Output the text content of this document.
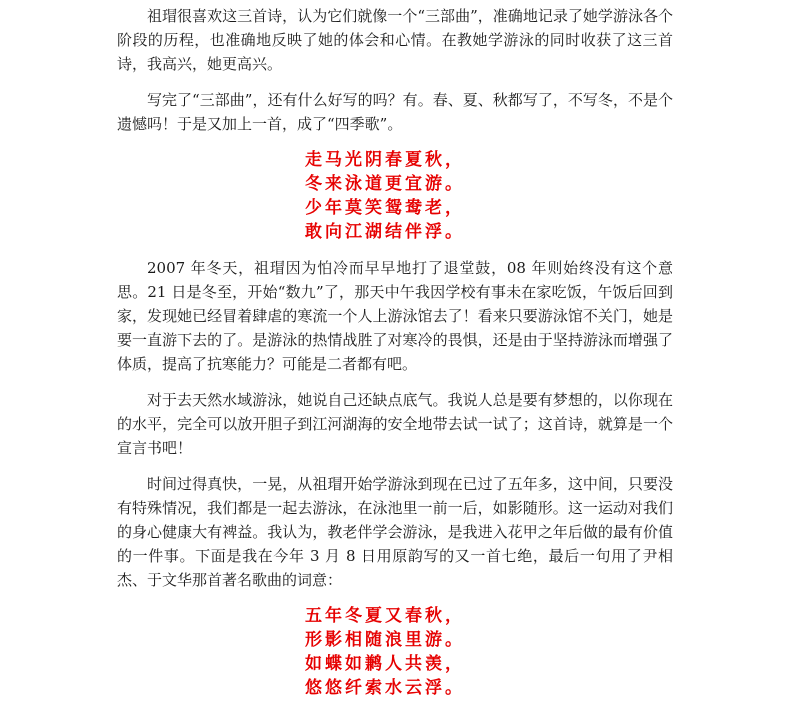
祖瑁很喜欢这三首诗，认为它们就像一个“三部曲”，准确地记录了她学游泳各个阶段的历程，也准确地反映了她的体会和心情。在教她学游泳的同时收获了这三首诗，我高兴，她更高兴。

写完了“三部曲”，还有什么好写的吗？有。春、夏、秋都写了，不写冬，不是个遗憾吗！于是又加上一首，成了“四季歌”。

走马光阴春夏秋，
冬来泳道更宜游。
少年莫笑鸳鸯老，
敢向江湖结伴浮。

2007 年冬天，祖瑁因为怕冷而早早地打了退堂鼓，08 年则始终没有这个意思。21 日是冬至，开始“数九”了，那天中午我因学校有事未在家吃饭，午饭后回到家，发现她已经冒着肆虐的寒流一个人上游泳馆去了！看来只要游泳馆不关门，她是要一直游下去的了。是游泳的热情战胜了对寒冷的畏惧，还是由于坚持游泳而增强了体质，提高了抗寒能力？可能是二者都有吧。

对于去天然水域游泳，她说自己还缺点底气。我说人总是要有梦想的，以你现在的水平，完全可以放开胆子到江河湖海的安全地带去试一试了；这首诗，就算是一个宣言书吧！

时间过得真快，一晃，从祖瑁开始学游泳到现在已过了五年多，这中间，只要没有特殊情况，我们都是一起去游泳，在泳池里一前一后，如影随形。这一运动对我们的身心健康大有裨益。我认为，教老伴学会游泳，是我进入花甲之年后做的最有价值的一件事。下面是我在今年 3 月 8 日用原韵写的又一首七绝，最后一句用了尹相杰、于文华那首著名歌曲的词意：

五年冬夏又春秋，
形影相随浪里游。
如蝶如鹣人共羡，
悠悠纤索水云浮。
